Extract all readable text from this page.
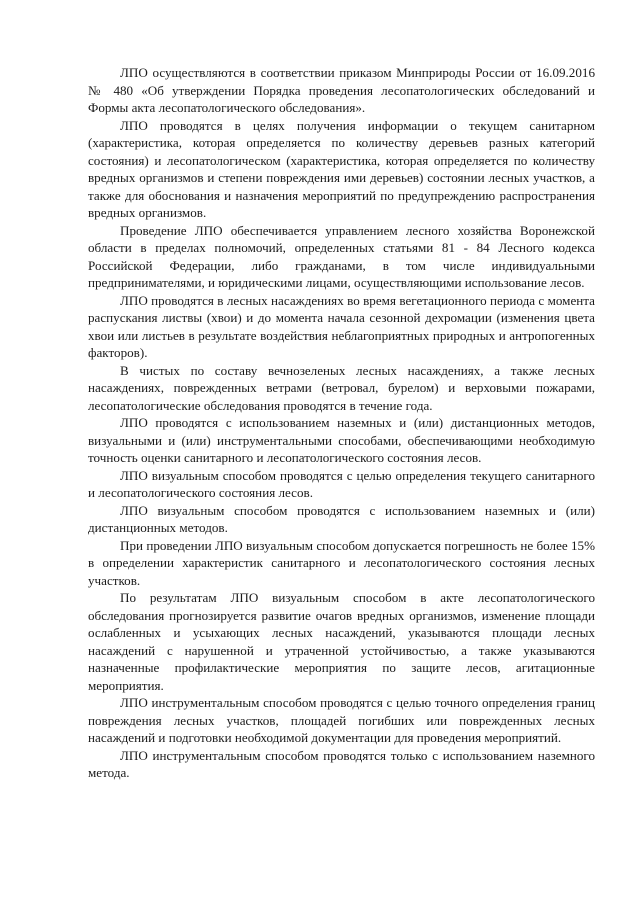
ЛПО осуществляются в соответствии приказом Минприроды России от 16.09.2016 № 480 «Об утверждении Порядка проведения лесопатологических обследований и Формы акта лесопатологического обследования».

ЛПО проводятся в целях получения информации о текущем санитарном (характеристика, которая определяется по количеству деревьев разных категорий состояния) и лесопатологическом (характеристика, которая определяется по количеству вредных организмов и степени повреждения ими деревьев) состоянии лесных участков, а также для обоснования и назначения мероприятий по предупреждению распространения вредных организмов.

Проведение ЛПО обеспечивается управлением лесного хозяйства Воронежской области в пределах полномочий, определенных статьями 81 - 84 Лесного кодекса Российской Федерации, либо гражданами, в том числе индивидуальными предпринимателями, и юридическими лицами, осуществляющими использование лесов.

ЛПО проводятся в лесных насаждениях во время вегетационного периода с момента распускания листвы (хвои) и до момента начала сезонной дехромации (изменения цвета хвои или листьев в результате воздействия неблагоприятных природных и антропогенных факторов).

В чистых по составу вечнозеленых лесных насаждениях, а также лесных насаждениях, поврежденных ветрами (ветровал, бурелом) и верховыми пожарами, лесопатологические обследования проводятся в течение года.

ЛПО проводятся с использованием наземных и (или) дистанционных методов, визуальными и (или) инструментальными способами, обеспечивающими необходимую точность оценки санитарного и лесопатологического состояния лесов.

ЛПО визуальным способом проводятся с целью определения текущего санитарного и лесопатологического состояния лесов.

ЛПО визуальным способом проводятся с использованием наземных и (или) дистанционных методов.

При проведении ЛПО визуальным способом допускается погрешность не более 15% в определении характеристик санитарного и лесопатологического состояния лесных участков.

По результатам ЛПО визуальным способом в акте лесопатологического обследования прогнозируется развитие очагов вредных организмов, изменение площади ослабленных и усыхающих лесных насаждений, указываются площади лесных насаждений с нарушенной и утраченной устойчивостью, а также указываются назначенные профилактические мероприятия по защите лесов, агитационные мероприятия.

ЛПО инструментальным способом проводятся с целью точного определения границ повреждения лесных участков, площадей погибших или поврежденных лесных насаждений и подготовки необходимой документации для проведения мероприятий.

ЛПО инструментальным способом проводятся только с использованием наземного метода.
